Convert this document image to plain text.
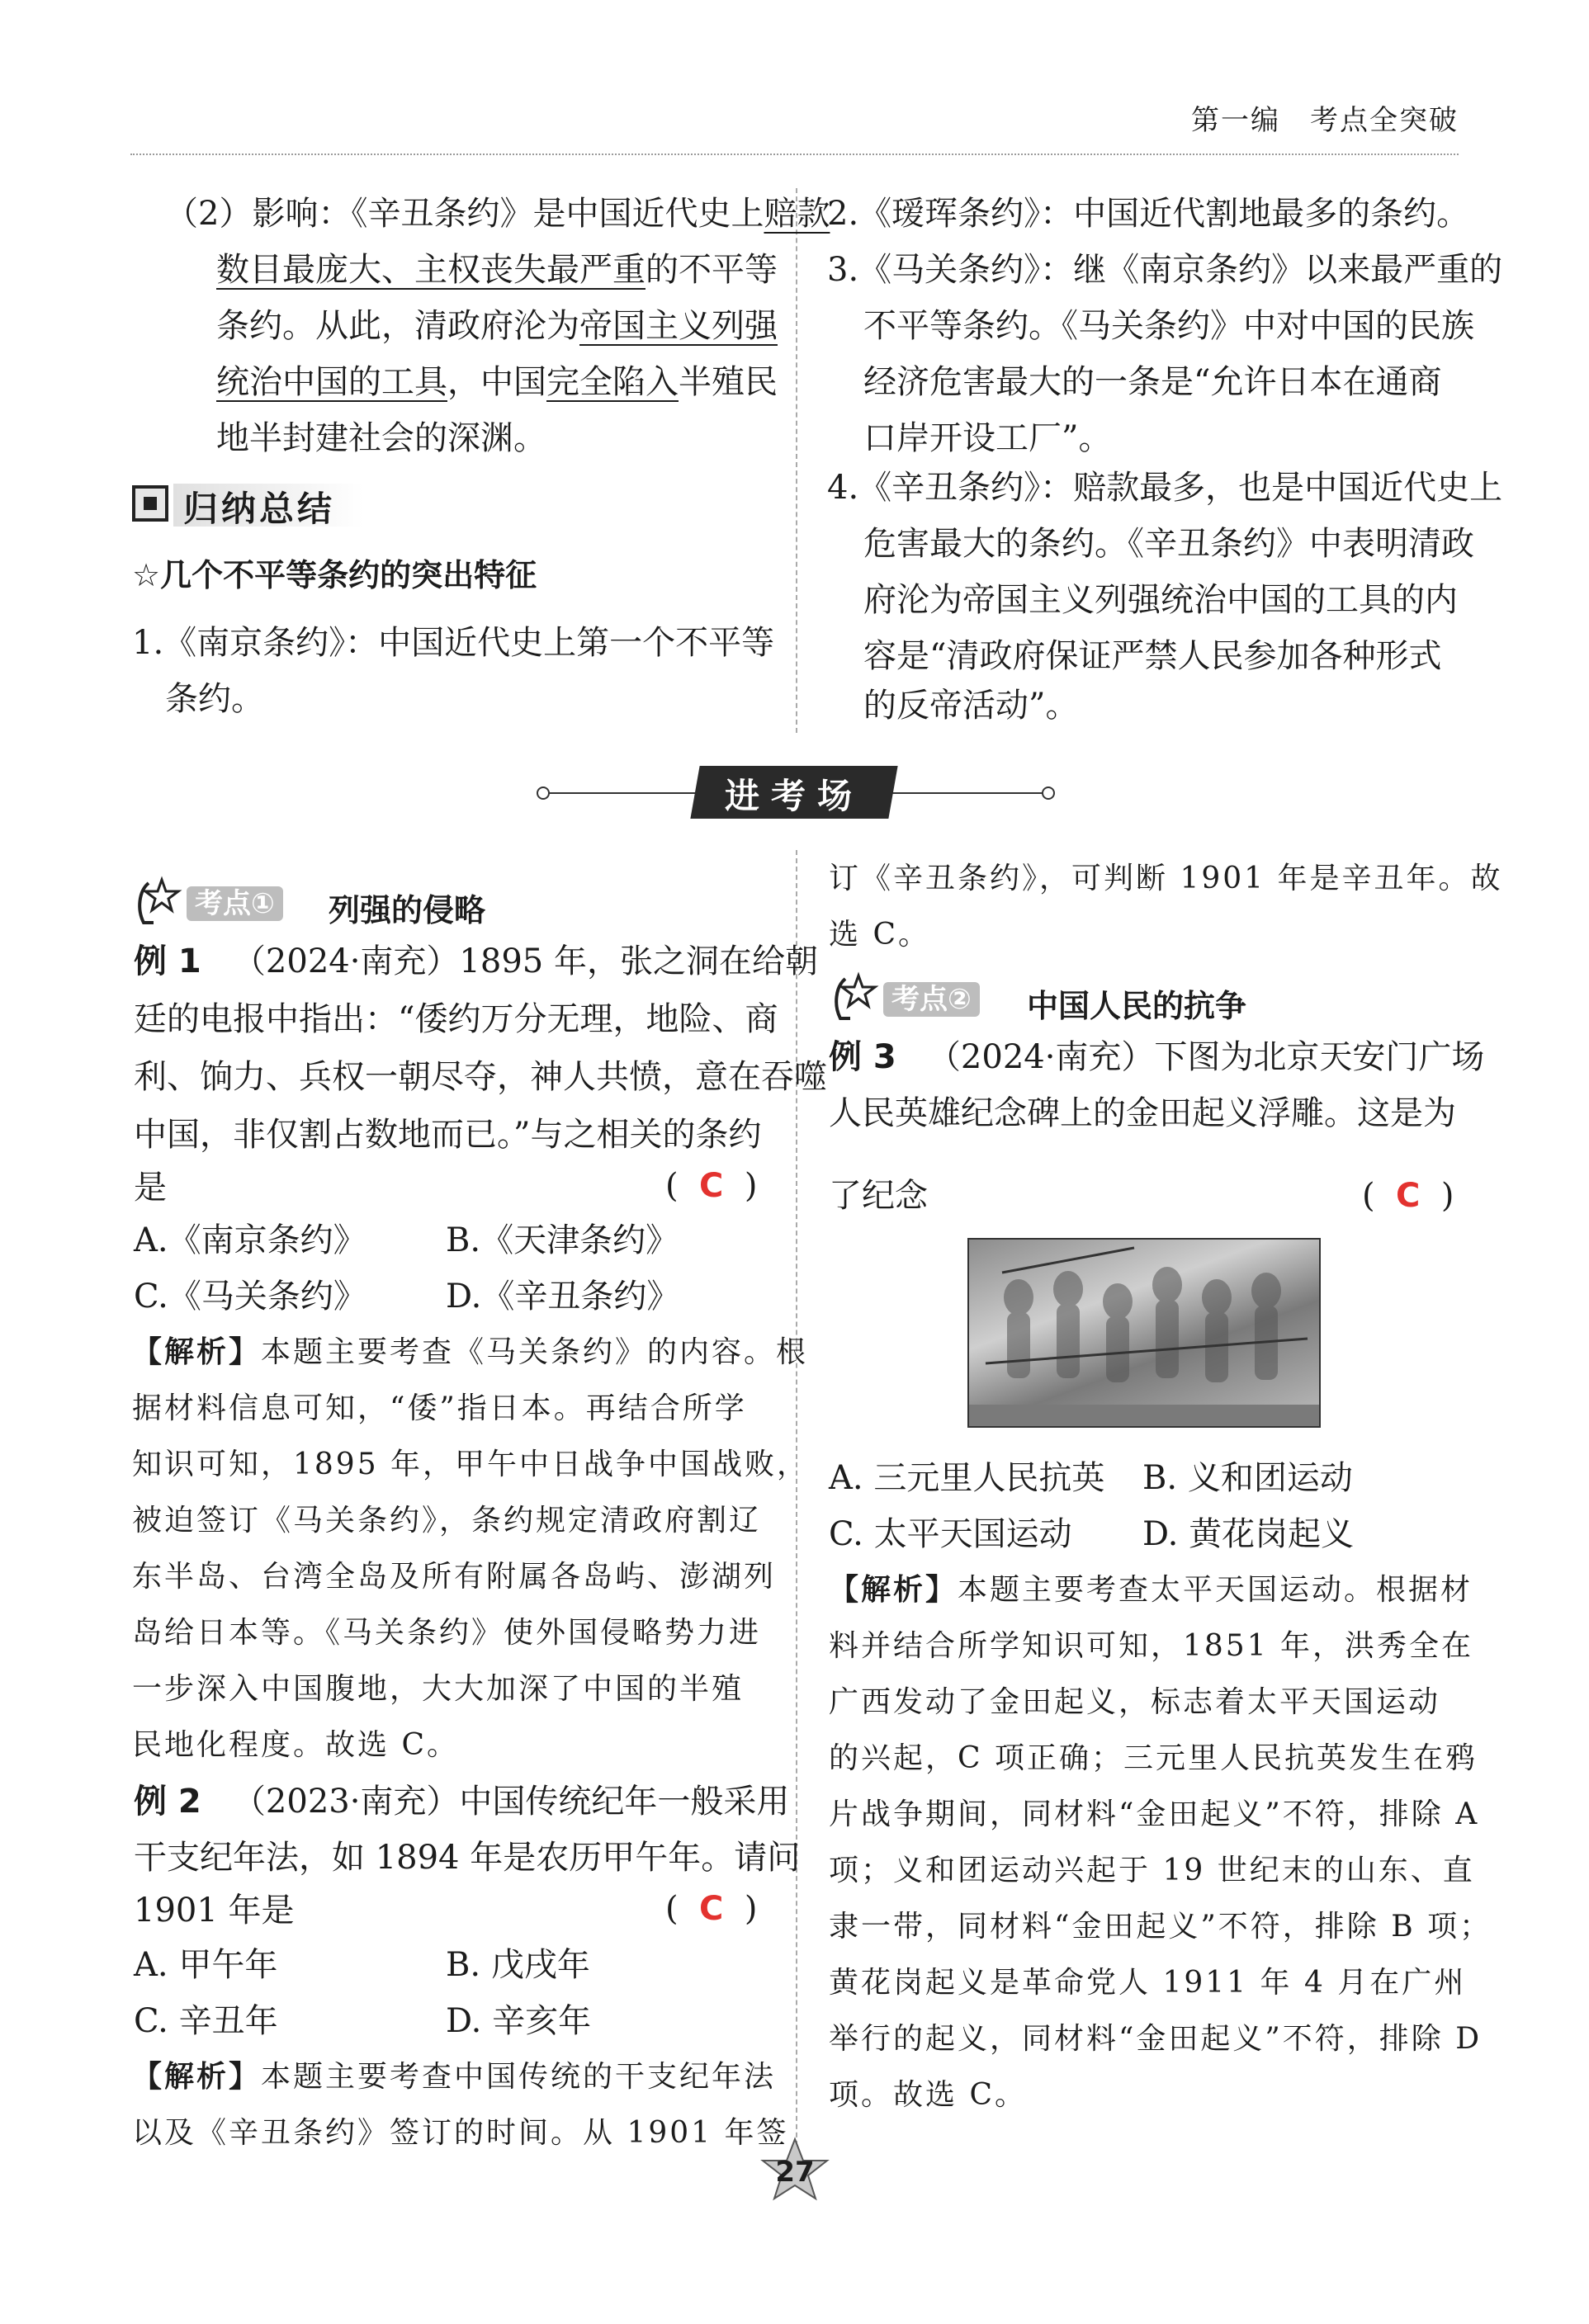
第一编　考点全突破
（2）影响：《辛丑条约》是中国近代史上赔款
数目最庞大、主权丧失最严重的不平等
条约。从此，清政府沦为帝国主义列强
统治中国的工具，中国完全陷入半殖民
地半封建社会的深渊。
归纳总结
☆几个不平等条约的突出特征
1.《南京条约》：中国近代史上第一个不平等
条约。
2.《瑷珲条约》：中国近代割地最多的条约。
3.《马关条约》：继《南京条约》以来最严重的
不平等条约。《马关条约》中对中国的民族
经济危害最大的一条是“允许日本在通商
口岸开设工厂”。
4.《辛丑条约》：赔款最多，也是中国近代史上
危害最大的条约。《辛丑条约》中表明清政
府沦为帝国主义列强统治中国的工具的内
容是“清政府保证严禁人民参加各种形式
的反帝活动”。
进考场
考点① 列强的侵略
例 1 （2024·南充）1895 年，张之洞在给朝
廷的电报中指出：“倭约万分无理，地险、商
利、饷力、兵权一朝尽夺，神人共愤，意在吞噬
中国，非仅割占数地而已。”与之相关的条约
是	(  C  )
A.《南京条约》 B.《天津条约》
C.《马关条约》 D.《辛丑条约》
【解析】本题主要考查《马关条约》的内容。根
据材料信息可知，“倭”指日本。再结合所学
知识可知，1895 年，甲午中日战争中国战败，
被迫签订《马关条约》，条约规定清政府割辽
东半岛、台湾全岛及所有附属各岛屿、澎湖列
岛给日本等。《马关条约》使外国侵略势力进
一步深入中国腹地，大大加深了中国的半殖
民地化程度。故选 C。
例 2 （2023·南充）中国传统纪年一般采用
干支纪年法，如 1894 年是农历甲午年。请问
1901 年是	(  C  )
A. 甲午年	B. 戊戌年
C. 辛丑年	D. 辛亥年
【解析】本题主要考查中国传统的干支纪年法
以及《辛丑条约》签订的时间。从 1901 年签
订《辛丑条约》，可判断 1901 年是辛丑年。故
选 C。
考点② 中国人民的抗争
例 3 （2024·南充）下图为北京天安门广场
人民英雄纪念碑上的金田起义浮雕。这是为
了纪念	(  C  )
A. 三元里人民抗英 B. 义和团运动
C. 太平天国运动 D. 黄花岗起义
【解析】本题主要考查太平天国运动。根据材
料并结合所学知识可知，1851 年，洪秀全在
广西发动了金田起义，标志着太平天国运动
的兴起，C 项正确；三元里人民抗英发生在鸦
片战争期间，同材料“金田起义”不符，排除 A
项；义和团运动兴起于 19 世纪末的山东、直
隶一带，同材料“金田起义”不符，排除 B 项；
黄花岗起义是革命党人 1911 年 4 月在广州
举行的起义，同材料“金田起义”不符，排除 D
项。故选 C。
27
